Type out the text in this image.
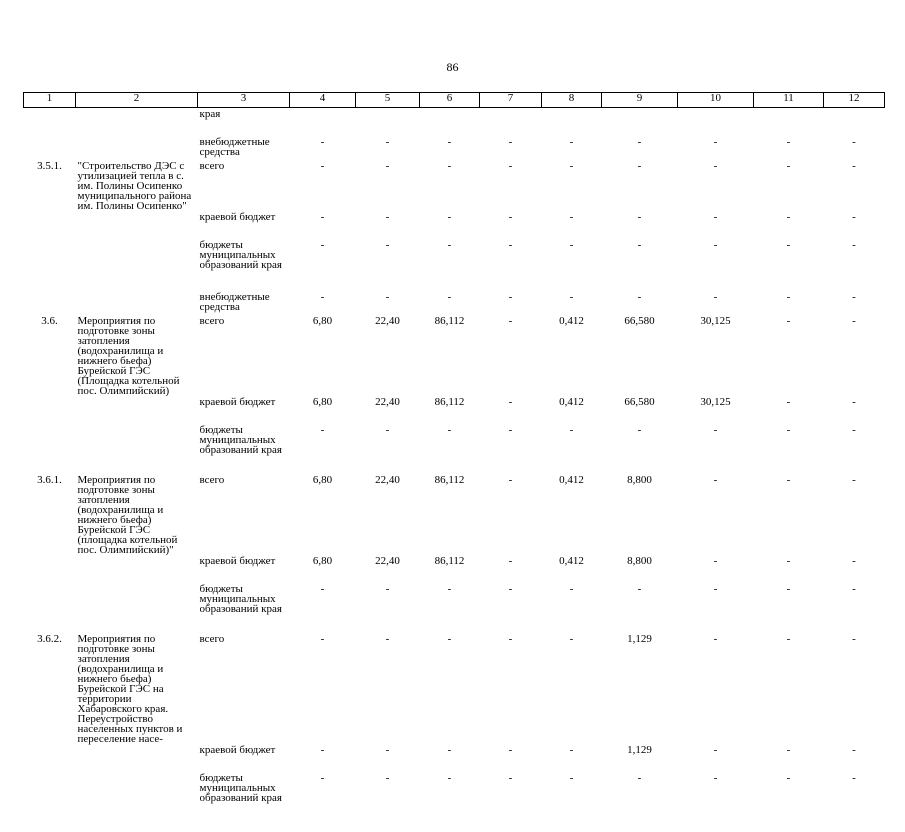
86
1	2	3	4	5	6	7	8	9	10	11	12
		края									
		внебюджетные средства	-	-	-	-	-	-	-	-	-
3.5.1.	"Строительство ДЭС с утилизацией тепла в с. им. Полины Осипенко муниципального района им. Полины Осипенко"	всего	-	-	-	-	-	-	-	-	-
		краевой бюджет	-	-	-	-	-	-	-	-	-
		бюджеты муниципальных образований края	-	-	-	-	-	-	-	-	-
		внебюджетные средства	-	-	-	-	-	-	-	-	-
3.6.	Мероприятия по подготовке зоны затопления (водохранилища и нижнего бьефа) Бурейской ГЭС (Площадка котельной пос. Олимпийский)	всего	6,80	22,40	86,112	-	0,412	66,580	30,125	-	-
		краевой бюджет	6,80	22,40	86,112	-	0,412	66,580	30,125	-	-
		бюджеты муниципальных образований края	-	-	-	-	-	-	-	-	-
3.6.1.	Мероприятия по подготовке зоны затопления (водохранилища и нижнего бьефа) Бурейской ГЭС (площадка котельной пос. Олимпийский)"	всего	6,80	22,40	86,112	-	0,412	8,800	-	-	-
		краевой бюджет	6,80	22,40	86,112	-	0,412	8,800	-	-	-
		бюджеты муниципальных образований края	-	-	-	-	-	-	-	-	-
3.6.2.	Мероприятия по подготовке зоны затопления (водохранилища и нижнего бьефа) Бурейской ГЭС на территории Хабаровского края. Переустройство населенных пунктов и переселение насе-	всего	-	-	-	-	-	1,129	-	-	-
		краевой бюджет	-	-	-	-	-	1,129	-	-	-
		бюджеты муниципальных образований края	-	-	-	-	-	-	-	-	-
